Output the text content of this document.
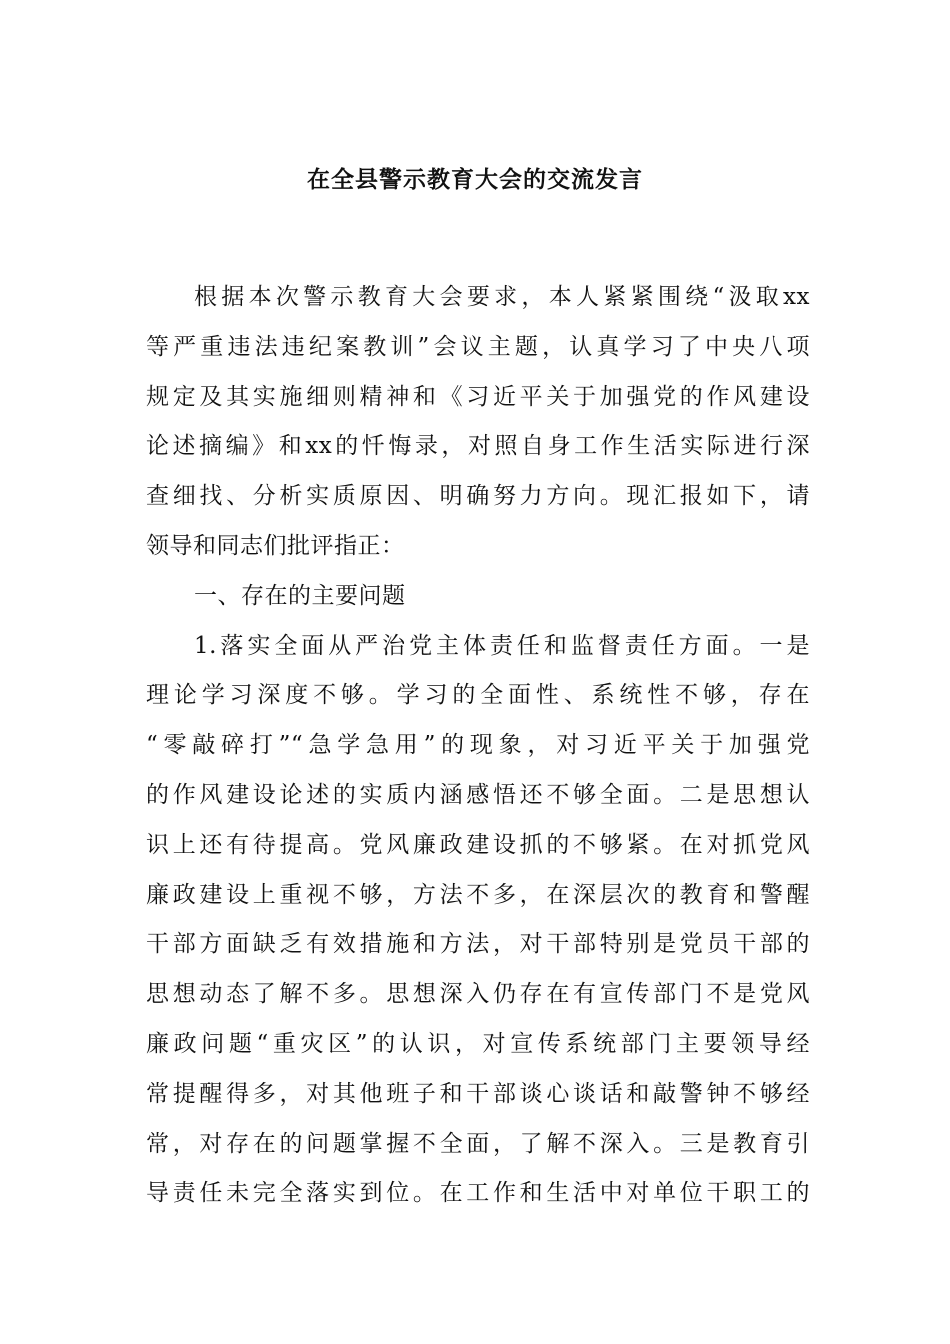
在全县警示教育大会的交流发言
根据本次警示教育大会要求，本人紧紧围绕“汲取xx
等严重违法违纪案教训”会议主题，认真学习了中央八项
规定及其实施细则精神和《习近平关于加强党的作风建设
论述摘编》和xx的忏悔录，对照自身工作生活实际进行深
查细找、分析实质原因、明确努力方向。现汇报如下，请
领导和同志们批评指正：
一、存在的主要问题
1.落实全面从严治党主体责任和监督责任方面。一是
理论学习深度不够。学习的全面性、系统性不够，存在
“零敲碎打”“急学急用”的现象，对习近平关于加强党
的作风建设论述的实质内涵感悟还不够全面。二是思想认
识上还有待提高。党风廉政建设抓的不够紧。在对抓党风
廉政建设上重视不够，方法不多，在深层次的教育和警醒
干部方面缺乏有效措施和方法，对干部特别是党员干部的
思想动态了解不多。思想深入仍存在有宣传部门不是党风
廉政问题“重灾区”的认识，对宣传系统部门主要领导经
常提醒得多，对其他班子和干部谈心谈话和敲警钟不够经
常，对存在的问题掌握不全面，了解不深入。三是教育引
导责任未完全落实到位。在工作和生活中对单位干职工的
